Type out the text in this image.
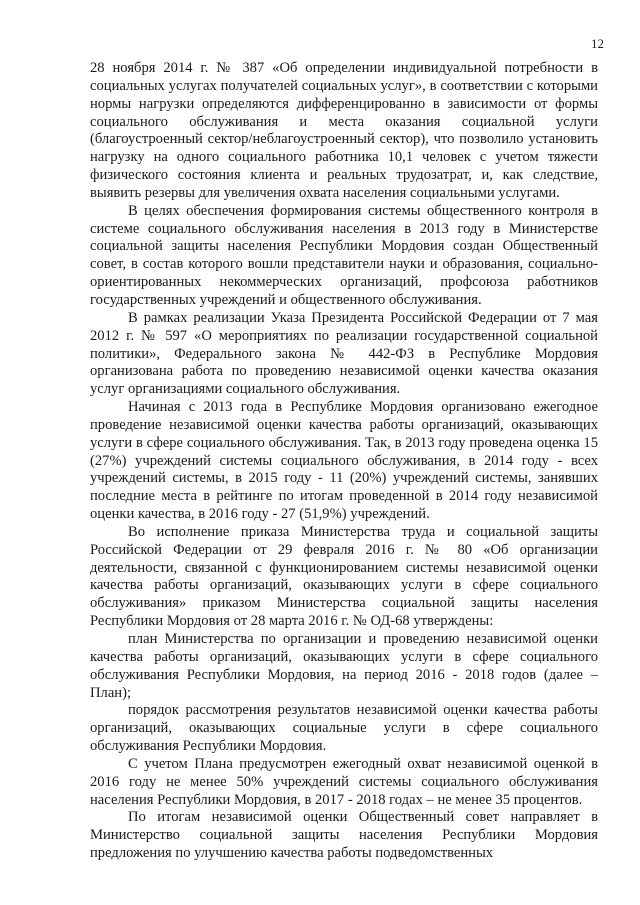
12

28 ноября 2014 г. № 387 «Об определении индивидуальной потребности в социальных услугах получателей социальных услуг», в соответствии с которыми нормы нагрузки определяются дифференцированно в зависимости от формы социального обслуживания и места оказания социальной услуги (благоустроенный сектор/неблагоустроенный сектор), что позволило установить нагрузку на одного социального работника 10,1 человек с учетом тяжести физического состояния клиента и реальных трудозатрат, и, как следствие, выявить резервы для увеличения охвата населения социальными услугами.

В целях обеспечения формирования системы общественного контроля в системе социального обслуживания населения в 2013 году в Министерстве социальной защиты населения Республики Мордовия создан Общественный совет, в состав которого вошли представители науки и образования, социально-ориентированных некоммерческих организаций, профсоюза работников государственных учреждений и общественного обслуживания.

В рамках реализации Указа Президента Российской Федерации от 7 мая 2012 г. № 597 «О мероприятиях по реализации государственной социальной политики», Федерального закона № 442-ФЗ в Республике Мордовия организована работа по проведению независимой оценки качества оказания услуг организациями социального обслуживания.

Начиная с 2013 года в Республике Мордовия организовано ежегодное проведение независимой оценки качества работы организаций, оказывающих услуги в сфере социального обслуживания. Так, в 2013 году проведена оценка 15 (27%) учреждений системы социального обслуживания, в 2014 году - всех учреждений системы, в 2015 году - 11 (20%) учреждений системы, занявших последние места в рейтинге по итогам проведенной в 2014 году независимой оценки качества, в 2016 году - 27 (51,9%) учреждений.

Во исполнение приказа Министерства труда и социальной защиты Российской Федерации от 29 февраля 2016 г. № 80 «Об организации деятельности, связанной с функционированием системы независимой оценки качества работы организаций, оказывающих услуги в сфере социального обслуживания» приказом Министерства социальной защиты населения Республики Мордовия от 28 марта 2016 г. № ОД-68 утверждены:

план Министерства по организации и проведению независимой оценки качества работы организаций, оказывающих услуги в сфере социального обслуживания Республики Мордовия, на период 2016 - 2018 годов (далее – План);

порядок рассмотрения результатов независимой оценки качества работы организаций, оказывающих социальные услуги в сфере социального обслуживания Республики Мордовия.

С учетом Плана предусмотрен ежегодный охват независимой оценкой в 2016 году не менее 50% учреждений системы социального обслуживания населения Республики Мордовия, в 2017 - 2018 годах – не менее 35 процентов.

По итогам независимой оценки Общественный совет направляет в Министерство социальной защиты населения Республики Мордовия предложения по улучшению качества работы подведомственных
